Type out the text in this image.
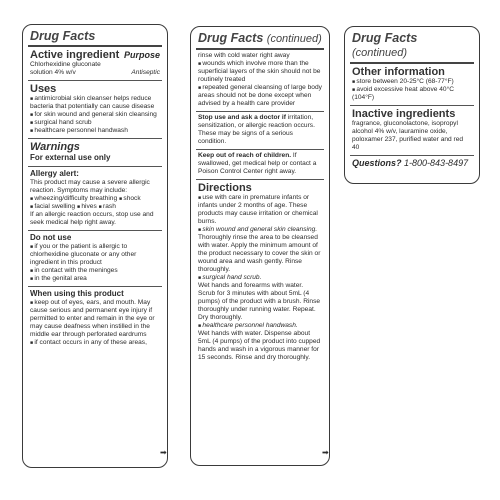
Drug Facts
Active ingredient Purpose
Chlorhexidine gluconate
solution 4% w/v	Antiseptic
Uses
■ antimicrobial skin cleanser helps reduce bacteria that potentially can cause disease
■ for skin wound and general skin cleansing
■ surgical hand scrub
■ healthcare personnel handwash
Warnings
For external use only
Allergy alert:
This product may cause a severe allergic reaction. Symptoms may include:
■ wheezing/difficulty breathing ■ shock
■ facial swelling ■ hives ■ rash
If an allergic reaction occurs, stop use and seek medical help right away.
Do not use
■ if you or the patient is allergic to chlorhexidine gluconate or any other ingredient in this product
■ in contact with the meninges
■ in the genital area
When using this product
■ keep out of eyes, ears, and mouth. May cause serious and permanent eye injury if permitted to enter and remain in the eye or may cause deafness when instilled in the middle ear through perforated eardrums
■ if contact occurs in any of these areas,
➡
Drug Facts (continued)
rinse with cold water right away
■ wounds which involve more than the superficial layers of the skin should not be routinely treated
■ repeated general cleansing of large body areas should not be done except when advised by a health care provider
Stop use and ask a doctor if irritation, sensitization, or allergic reaction occurs. These may be signs of a serious condition.
Keep out of reach of children. If swallowed, get medical help or contact a Poison Control Center right away.
Directions
■ use with care in premature infants or infants under 2 months of age. These products may cause irritation or chemical burns.
■ skin wound and general skin cleansing.
Thoroughly rinse the area to be cleansed with water. Apply the minimum amount of the product necessary to cover the skin or wound area and wash gently. Rinse thoroughly.
■ surgical hand scrub.
Wet hands and forearms with water. Scrub for 3 minutes with about 5mL (4 pumps) of the product with a brush. Rinse thoroughly under running water. Repeat. Dry thoroughly.
■ healthcare personnel handwash.
Wet hands with water. Dispense about 5mL (4 pumps) of the product into cupped hands and wash in a vigorous manner for 15 seconds. Rinse and dry thoroughly.
➡
Drug Facts (continued)
Other information
■ store between 20-25°C (68-77°F)
■ avoid excessive heat above 40°C (104°F)
Inactive ingredients
fragrance, gluconolactone, isopropyl alcohol 4% w/v, lauramine oxide, poloxamer 237, purified water and red 40
Questions? 1-800-843-8497
